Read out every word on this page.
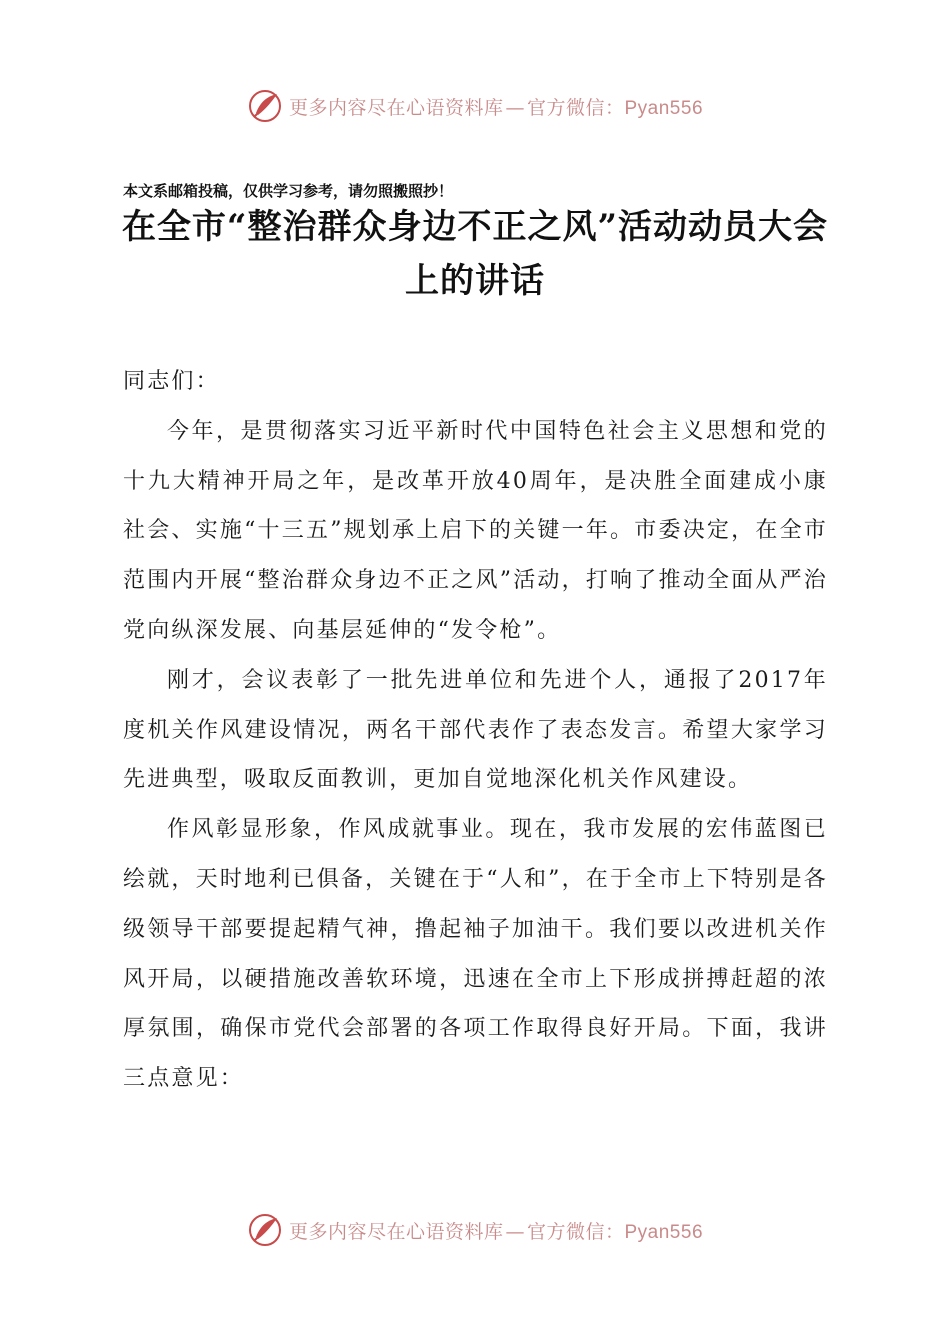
更多内容尽在心语资料库 — 官方微信：Pyan556
本文系邮箱投稿，仅供学习参考，请勿照搬照抄！
在全市“整治群众身边不正之风”活动动员大会上的讲话

同志们：

今年，是贯彻落实习近平新时代中国特色社会主义思想和党的十九大精神开局之年，是改革开放40周年，是决胜全面建成小康社会、实施“十三五”规划承上启下的关键一年。市委决定，在全市范围内开展“整治群众身边不正之风”活动，打响了推动全面从严治党向纵深发展、向基层延伸的“发令枪”。

刚才，会议表彰了一批先进单位和先进个人，通报了2017年度机关作风建设情况，两名干部代表作了表态发言。希望大家学习先进典型，吸取反面教训，更加自觉地深化机关作风建设。

作风彰显形象，作风成就事业。现在，我市发展的宏伟蓝图已绘就，天时地利已俱备，关键在于“人和”，在于全市上下特别是各级领导干部要提起精气神，撸起袖子加油干。我们要以改进机关作风开局，以硬措施改善软环境，迅速在全市上下形成拼搏赶超的浓厚氛围，确保市党代会部署的各项工作取得良好开局。下面，我讲三点意见：

更多内容尽在心语资料库 — 官方微信：Pyan556
